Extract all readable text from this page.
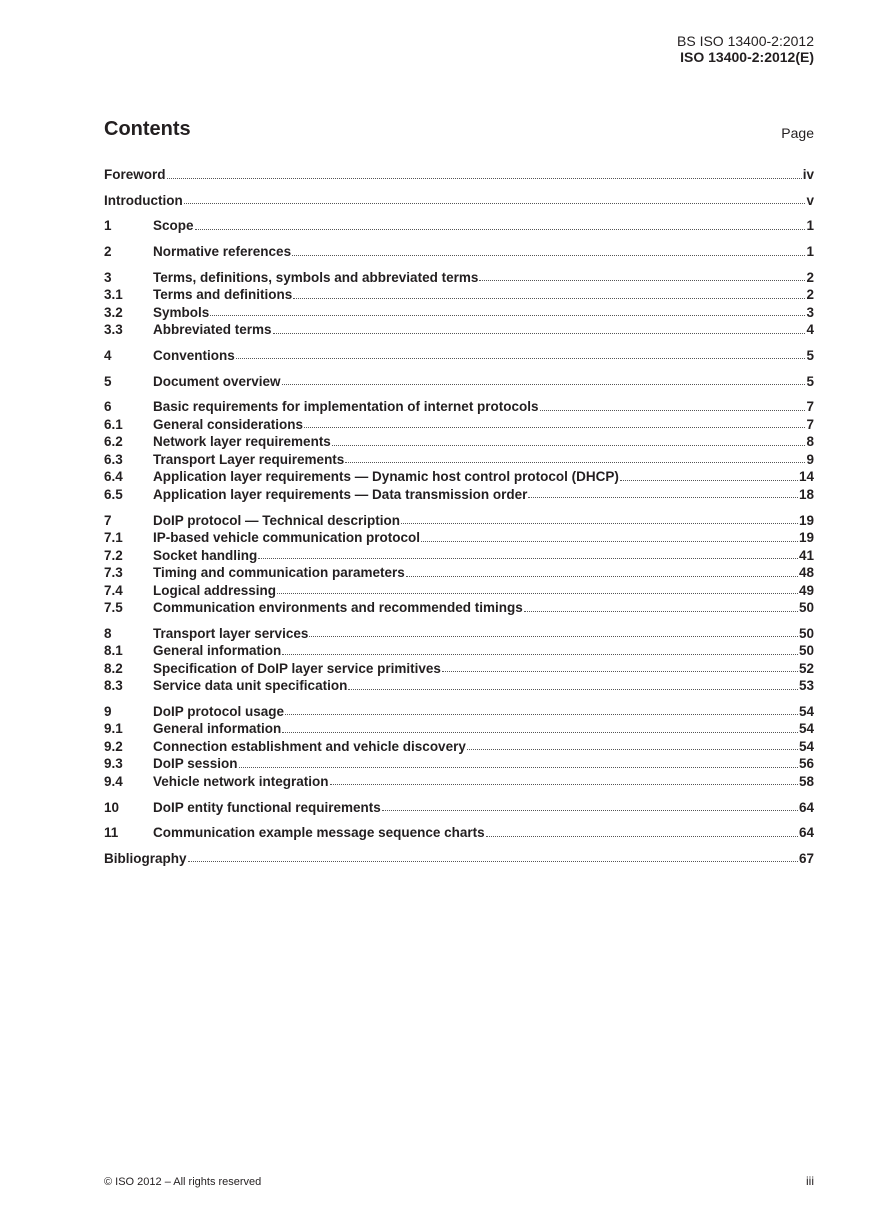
BS ISO 13400-2:2012
ISO 13400-2:2012(E)
Contents	Page
Foreword	iv
Introduction	v
1	Scope	1
2	Normative references	1
3	Terms, definitions, symbols and abbreviated terms	2
3.1	Terms and definitions	2
3.2	Symbols	3
3.3	Abbreviated terms	4
4	Conventions	5
5	Document overview	5
6	Basic requirements for implementation of internet protocols	7
6.1	General considerations	7
6.2	Network layer requirements	8
6.3	Transport Layer requirements	9
6.4	Application layer requirements — Dynamic host control protocol (DHCP)	14
6.5	Application layer requirements — Data transmission order	18
7	DoIP protocol — Technical description	19
7.1	IP-based vehicle communication protocol	19
7.2	Socket handling	41
7.3	Timing and communication parameters	48
7.4	Logical addressing	49
7.5	Communication environments and recommended timings	50
8	Transport layer services	50
8.1	General information	50
8.2	Specification of DoIP layer service primitives	52
8.3	Service data unit specification	53
9	DoIP protocol usage	54
9.1	General information	54
9.2	Connection establishment and vehicle discovery	54
9.3	DoIP session	56
9.4	Vehicle network integration	58
10	DoIP entity functional requirements	64
11	Communication example message sequence charts	64
Bibliography	67
© ISO 2012 – All rights reserved	iii
